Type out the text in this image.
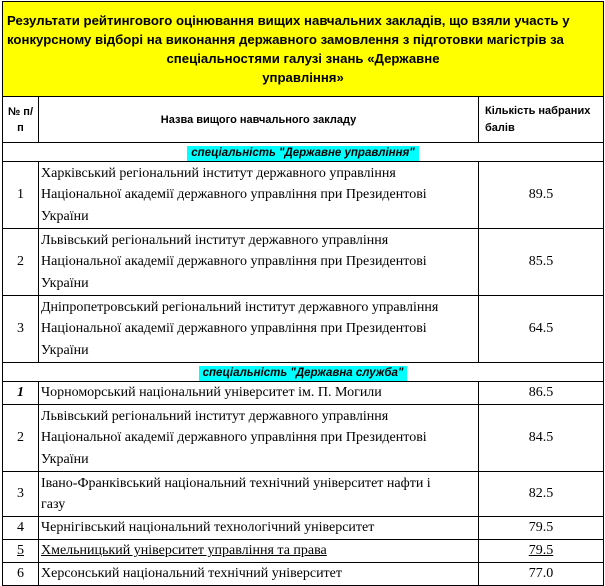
Результати рейтингового оцінювання вищих навчальних закладів, що взяли участь у
конкурсному відборі на виконання державного замовлення з підготовки магістрів за
спеціальностями галузі знань «Державне
управління»		

№ п/
п	Назва вищого навчального закладу	Кількість набраних
балів
спеціальність "Державне управління"		
1	Харківський регіональний інститут державного управління
Національної академії державного управління при Президентові
України	89.5
2	Львівський регіональний інститут державного управління
Національної академії державного управління при Президентові
України	85.5
3	Дніпропетровський регіональний інститут державного управління
Національної академії державного управління при Президентові
України	64.5
спеціальність "Державна служба"		
1	Чорноморський національний університет ім. П. Могили	86.5
2	Львівський регіональний інститут державного управління
Національної академії державного управління при Президентові
України	84.5
3	Івано-Франківський національний технічний університет нафти і
газу	82.5
4	Чернігівський національний технологічний університет	79.5
5	Хмельницький університет управління та права	79.5
6	Херсонський національний технічний університет	77.0
